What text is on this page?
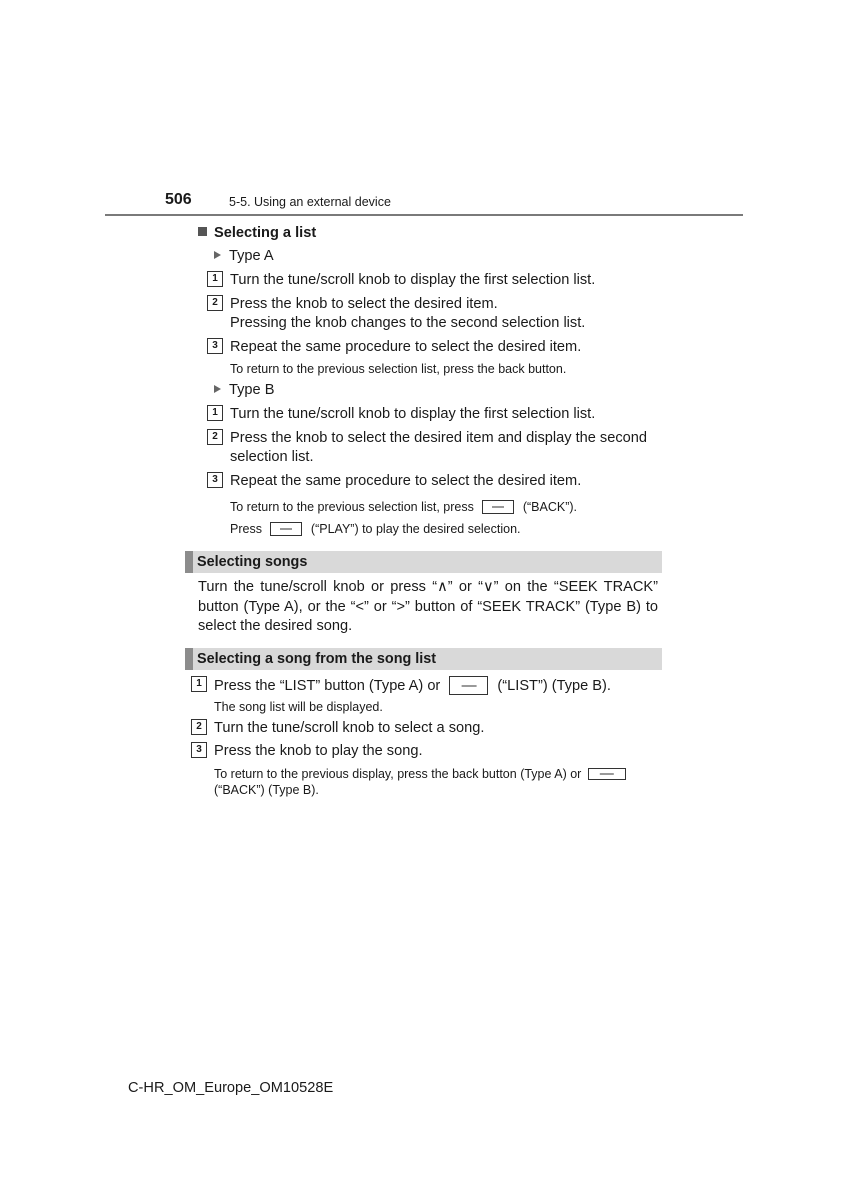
506	5-5. Using an external device
Selecting a list
Type A
1 Turn the tune/scroll knob to display the first selection list.
2 Press the knob to select the desired item.
Pressing the knob changes to the second selection list.
3 Repeat the same procedure to select the desired item.
To return to the previous selection list, press the back button.
Type B
1 Turn the tune/scroll knob to display the first selection list.
2 Press the knob to select the desired item and display the second
selection list.
3 Repeat the same procedure to select the desired item.
To return to the previous selection list, press	(“BACK”).
Press	(“PLAY”) to play the desired selection.
Selecting songs
Turn the tune/scroll knob or press “∧” or “∨” on the “SEEK TRACK” button (Type A), or the “<” or “>” button of “SEEK TRACK” (Type B) to select the desired song.
Selecting a song from the song list
1 Press the “LIST” button (Type A) or	(“LIST”) (Type B).
The song list will be displayed.
2 Turn the tune/scroll knob to select a song.
3 Press the knob to play the song.
To return to the previous display, press the back button (Type A) or
(“BACK”) (Type B).
C-HR_OM_Europe_OM10528E
